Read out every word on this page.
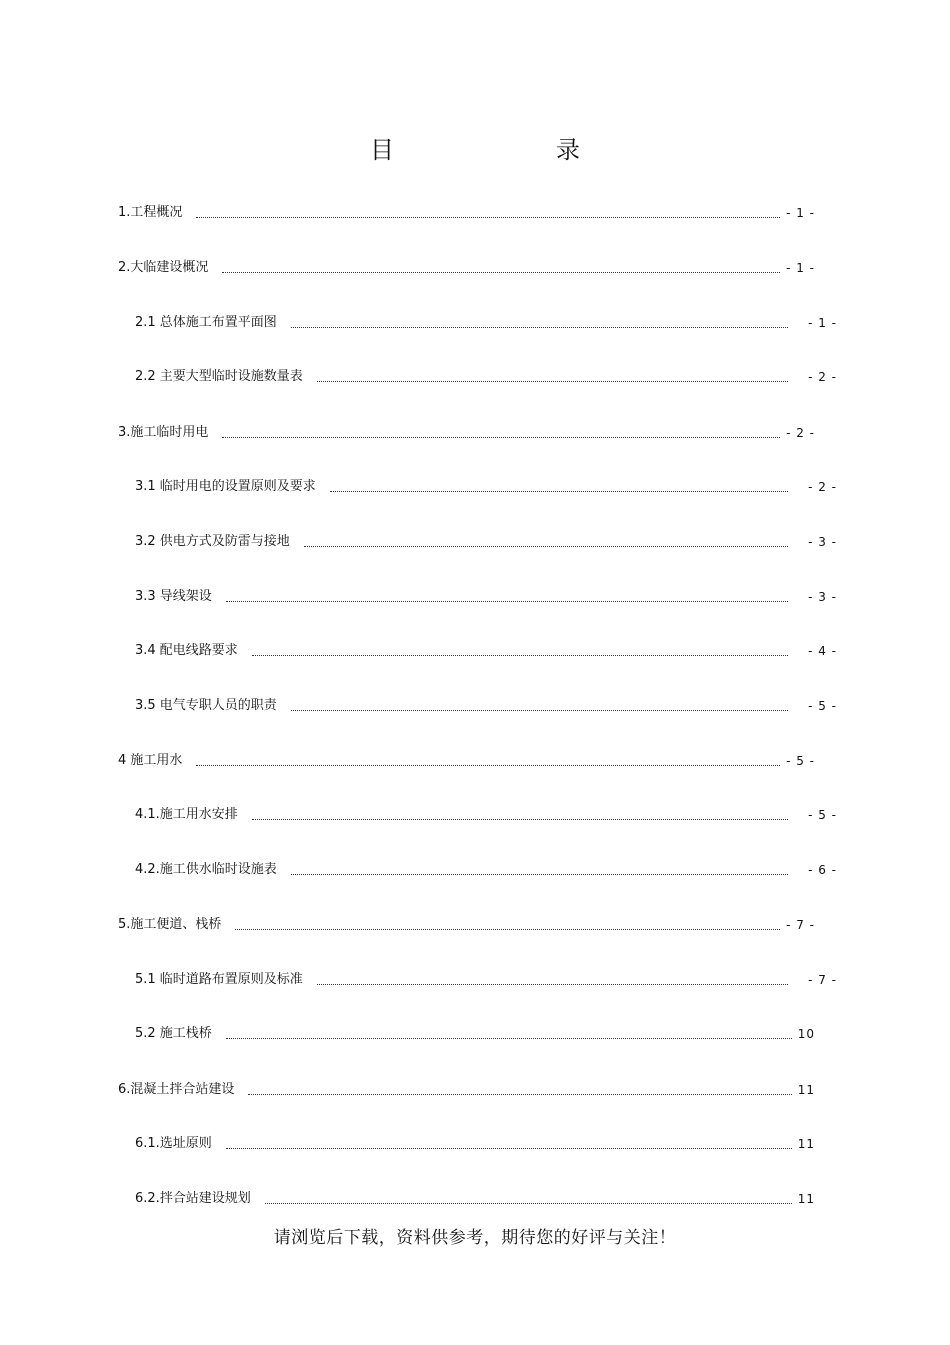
目　　录
1.工程概况	- 1 -
2.大临建设概况	- 1 -
2.1 总体施工布置平面图	- 1 -
2.2 主要大型临时设施数量表	- 2 -
3.施工临时用电	- 2 -
3.1 临时用电的设置原则及要求	- 2 -
3.2 供电方式及防雷与接地	- 3 -
3.3 导线架设	- 3 -
3.4 配电线路要求	- 4 -
3.5 电气专职人员的职责	- 5 -
4 施工用水	- 5 -
4.1.施工用水安排	- 5 -
4.2.施工供水临时设施表	- 6 -
5.施工便道、栈桥	- 7 -
5.1 临时道路布置原则及标准	- 7 -
5.2 施工栈桥	10
6.混凝土拌合站建设	11
6.1.选址原则	11
6.2.拌合站建设规划	11
请浏览后下载，资料供参考，期待您的好评与关注！
